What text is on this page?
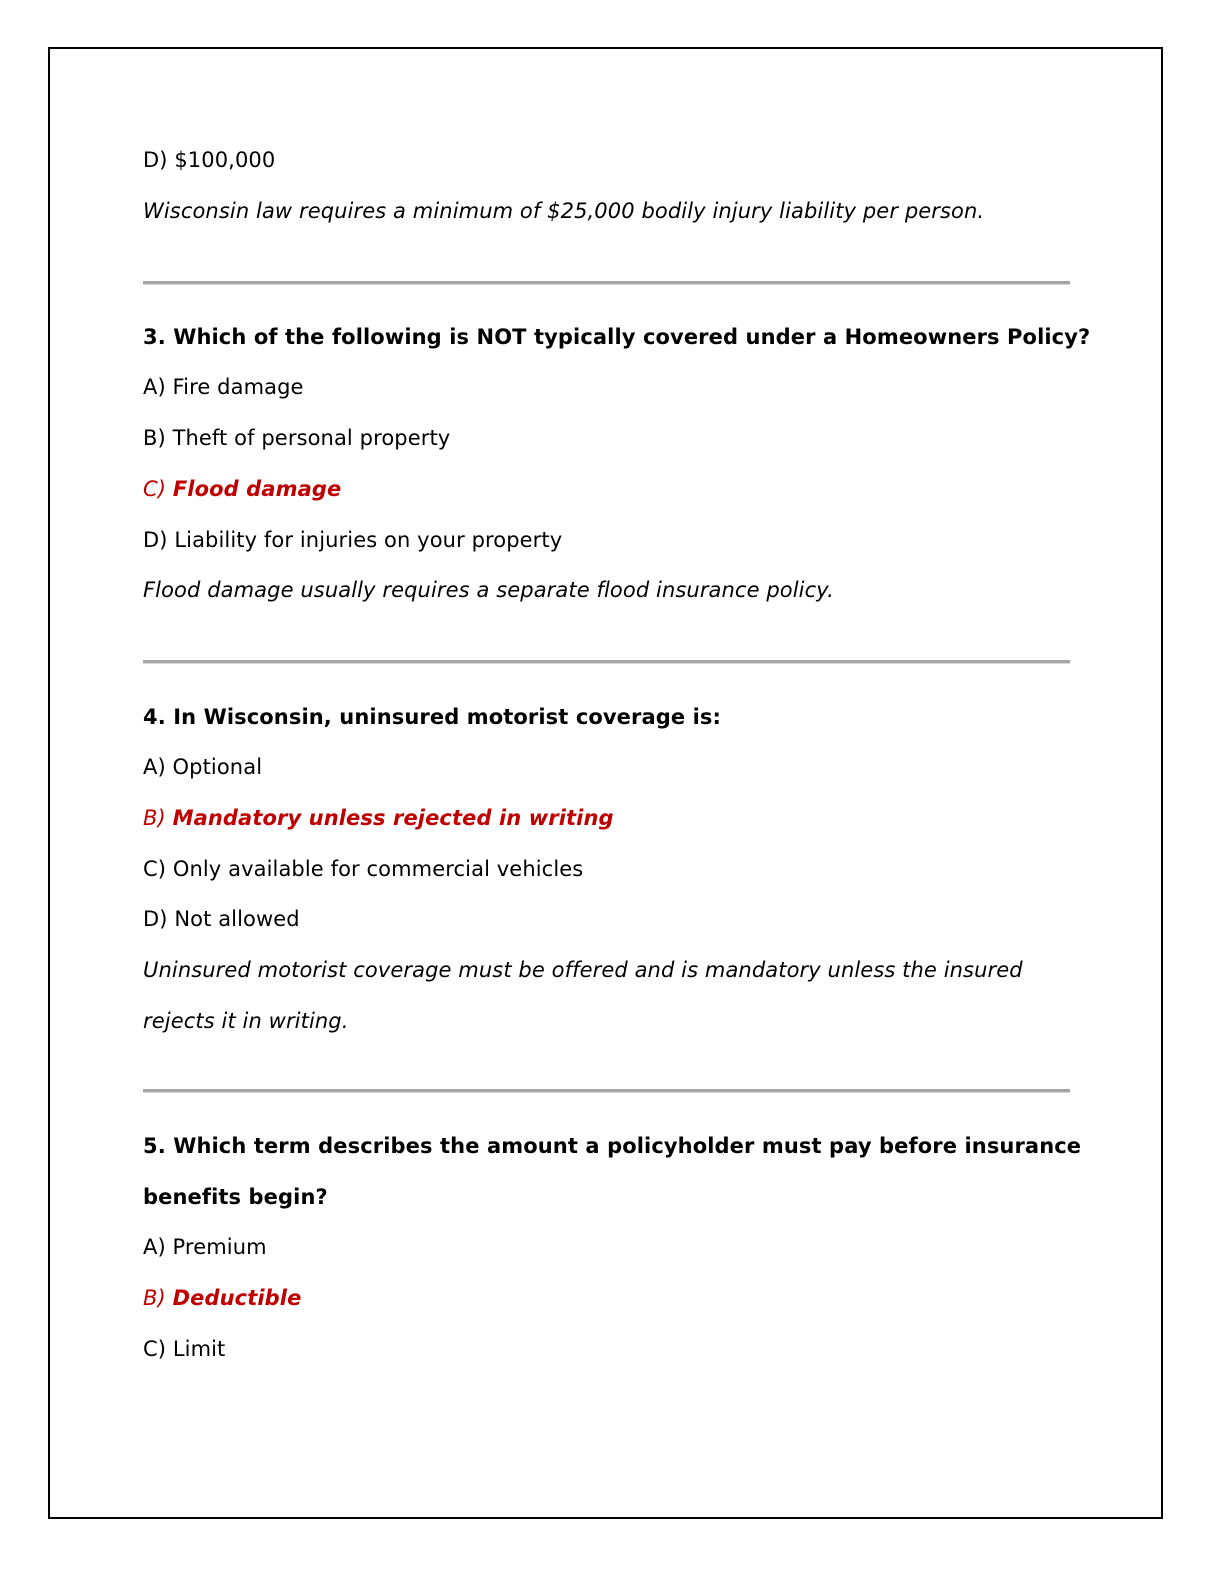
D) $100,000
Wisconsin law requires a minimum of $25,000 bodily injury liability per person.
3. Which of the following is NOT typically covered under a Homeowners Policy?
A) Fire damage
B) Theft of personal property
C) Flood damage
D) Liability for injuries on your property
Flood damage usually requires a separate flood insurance policy.
4. In Wisconsin, uninsured motorist coverage is:
A) Optional
B) Mandatory unless rejected in writing
C) Only available for commercial vehicles
D) Not allowed
Uninsured motorist coverage must be offered and is mandatory unless the insured
rejects it in writing.
5. Which term describes the amount a policyholder must pay before insurance
benefits begin?
A) Premium
B) Deductible
C) Limit
